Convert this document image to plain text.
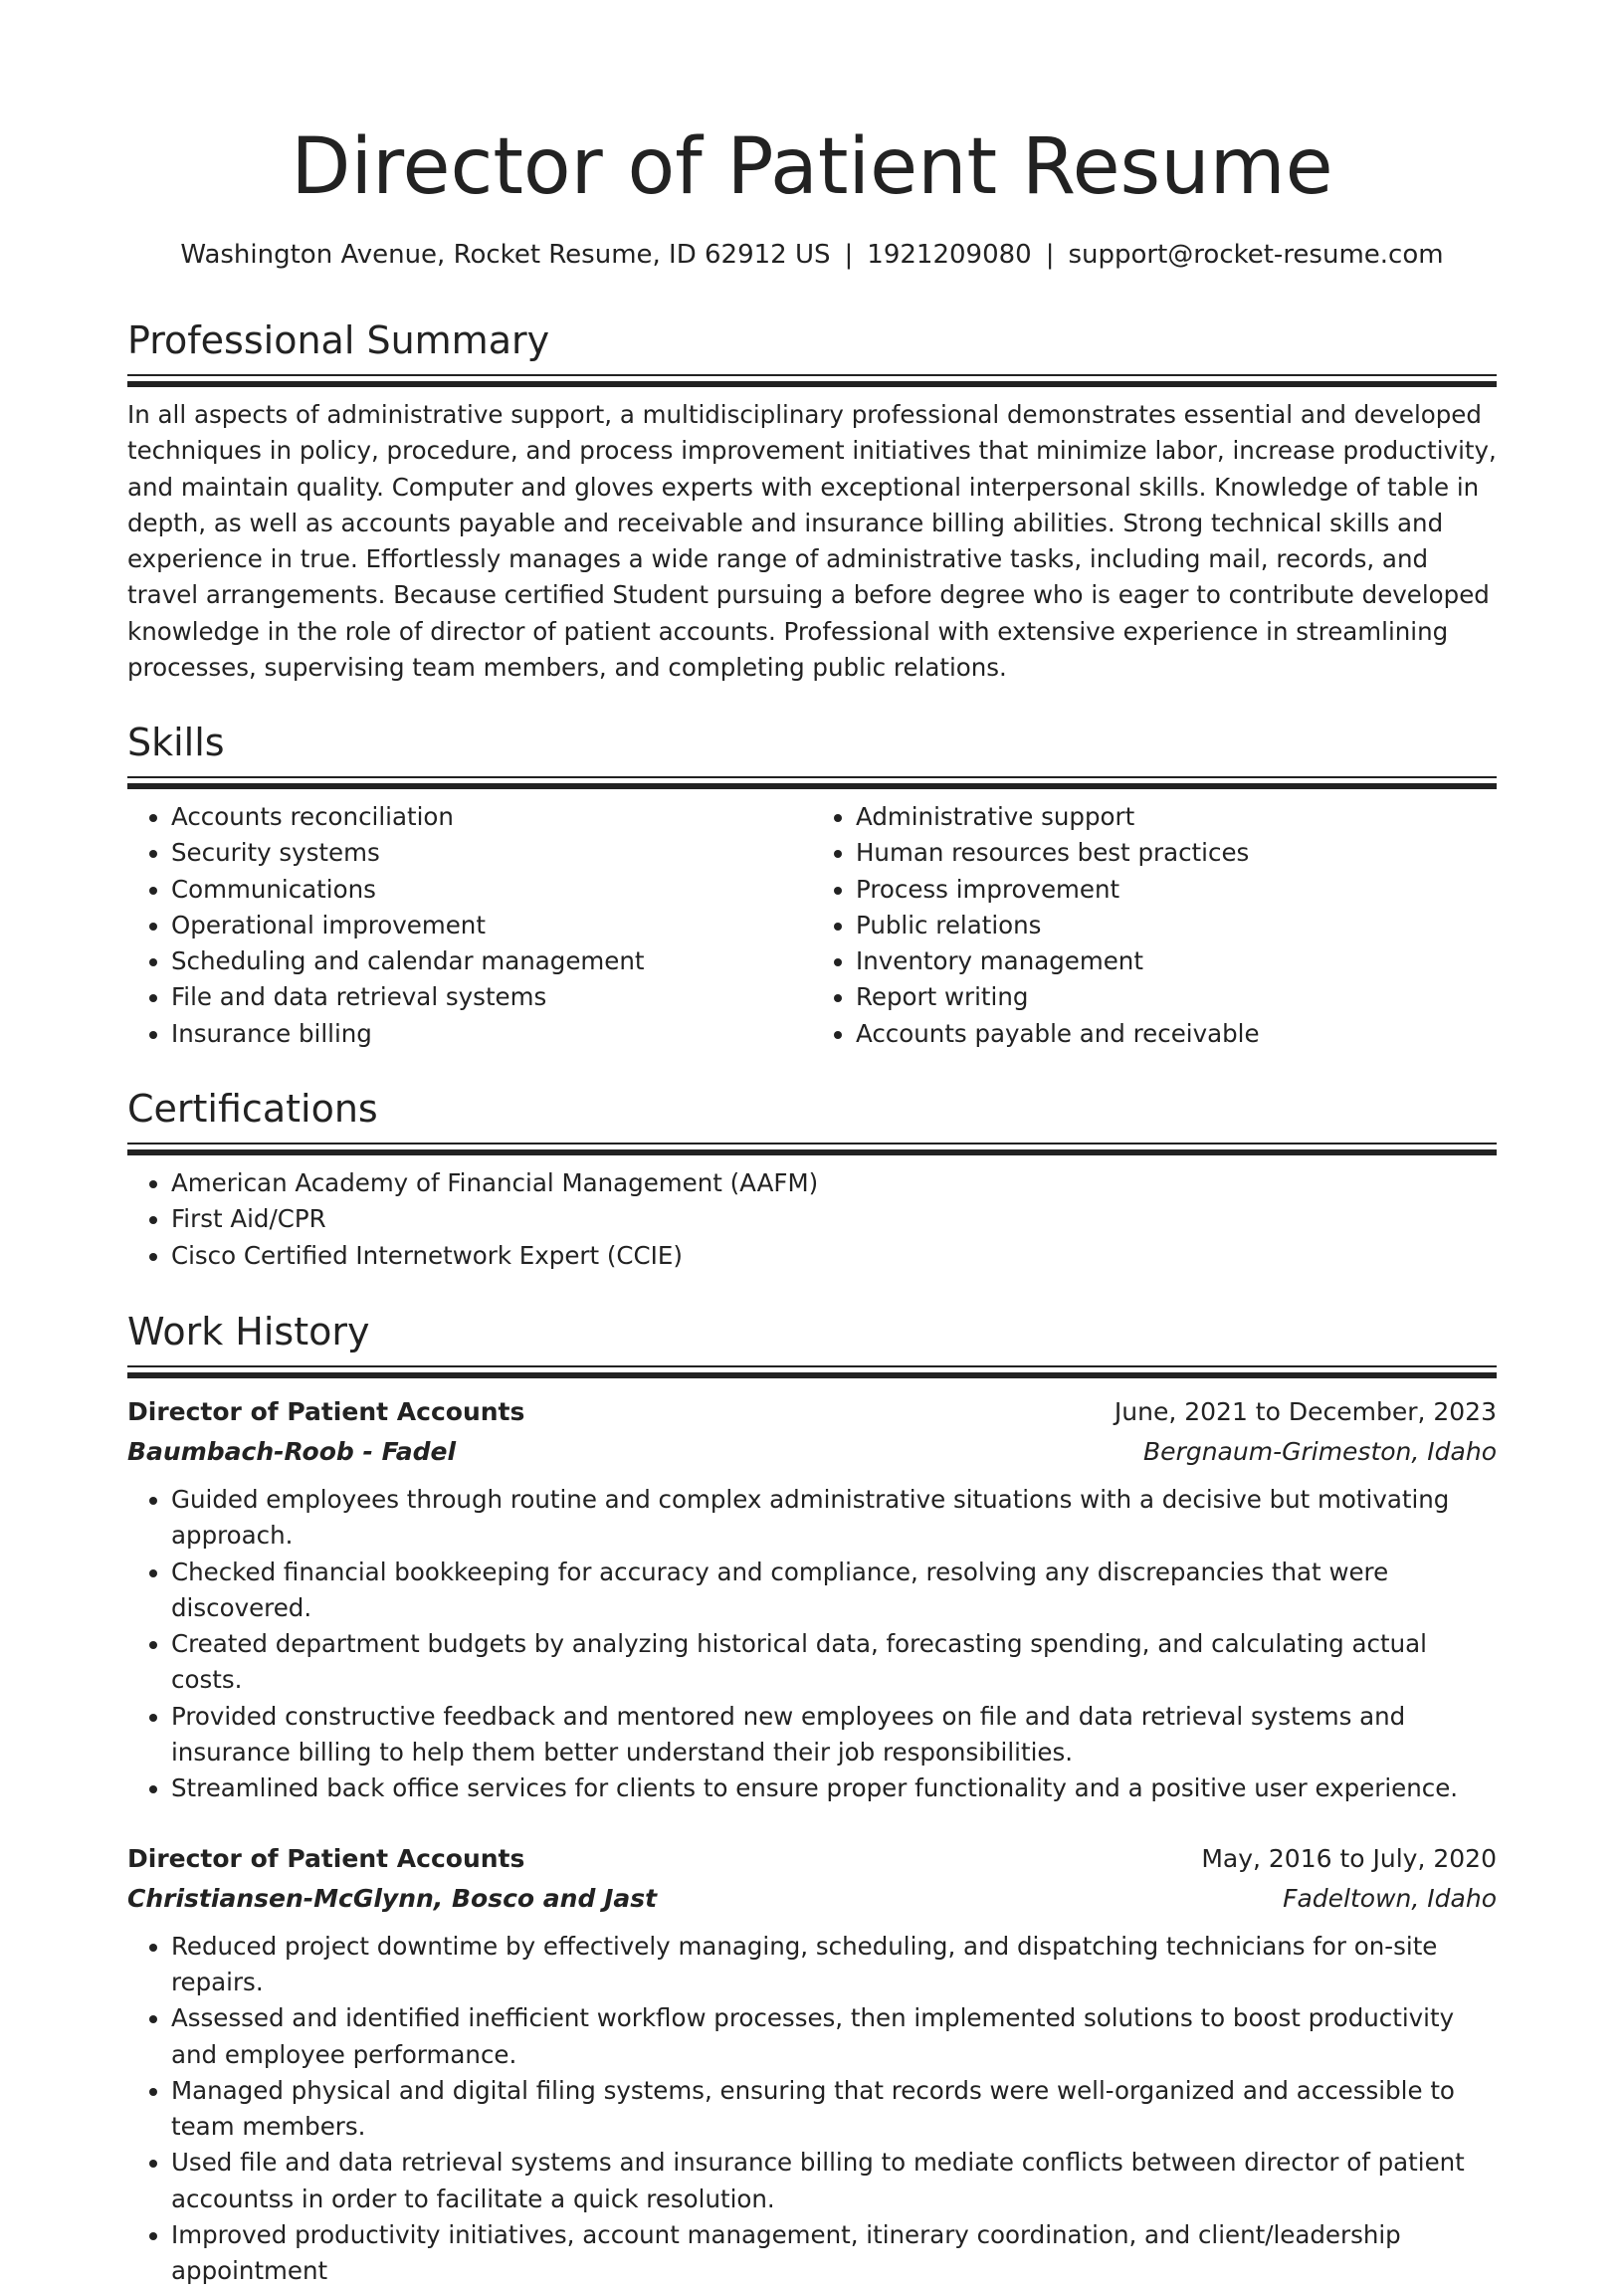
Director of Patient Resume
Washington Avenue, Rocket Resume, ID 62912 US | 1921209080 | support@rocket-resume.com
Professional Summary

In all aspects of administrative support, a multidisciplinary professional demonstrates essential and developed techniques in policy, procedure, and process improvement initiatives that minimize labor, increase productivity, and maintain quality. Computer and gloves experts with exceptional interpersonal skills. Knowledge of table in depth, as well as accounts payable and receivable and insurance billing abilities. Strong technical skills and experience in true. Effortlessly manages a wide range of administrative tasks, including mail, records, and travel arrangements. Because certified Student pursuing a before degree who is eager to contribute developed knowledge in the role of director of patient accounts. Professional with extensive experience in streamlining processes, supervising team members, and completing public relations.

Skills
• Accounts reconciliation
• Security systems
• Communications
• Operational improvement
• Scheduling and calendar management
• File and data retrieval systems
• Insurance billing
• Administrative support
• Human resources best practices
• Process improvement
• Public relations
• Inventory management
• Report writing
• Accounts payable and receivable
Certifications
• American Academy of Financial Management (AAFM)
• First Aid/CPR
• Cisco Certified Internetwork Expert (CCIE)
Work History
Director of Patient Accounts	June, 2021 to December, 2023
Baumbach-Roob - Fadel	Bergnaum-Grimeston, Idaho
• Guided employees through routine and complex administrative situations with a decisive but motivating approach.
• Checked financial bookkeeping for accuracy and compliance, resolving any discrepancies that were discovered.
• Created department budgets by analyzing historical data, forecasting spending, and calculating actual costs.
• Provided constructive feedback and mentored new employees on file and data retrieval systems and insurance billing to help them better understand their job responsibilities.
• Streamlined back office services for clients to ensure proper functionality and a positive user experience.
Director of Patient Accounts	May, 2016 to July, 2020
Christiansen-McGlynn, Bosco and Jast	Fadeltown, Idaho
• Reduced project downtime by effectively managing, scheduling, and dispatching technicians for on-site repairs.
• Assessed and identified inefficient workflow processes, then implemented solutions to boost productivity and employee performance.
• Managed physical and digital filing systems, ensuring that records were well-organized and accessible to team members.
• Used file and data retrieval systems and insurance billing to mediate conflicts between director of patient accountss in order to facilitate a quick resolution.
• Improved productivity initiatives, account management, itinerary coordination, and client/leadership appointment
